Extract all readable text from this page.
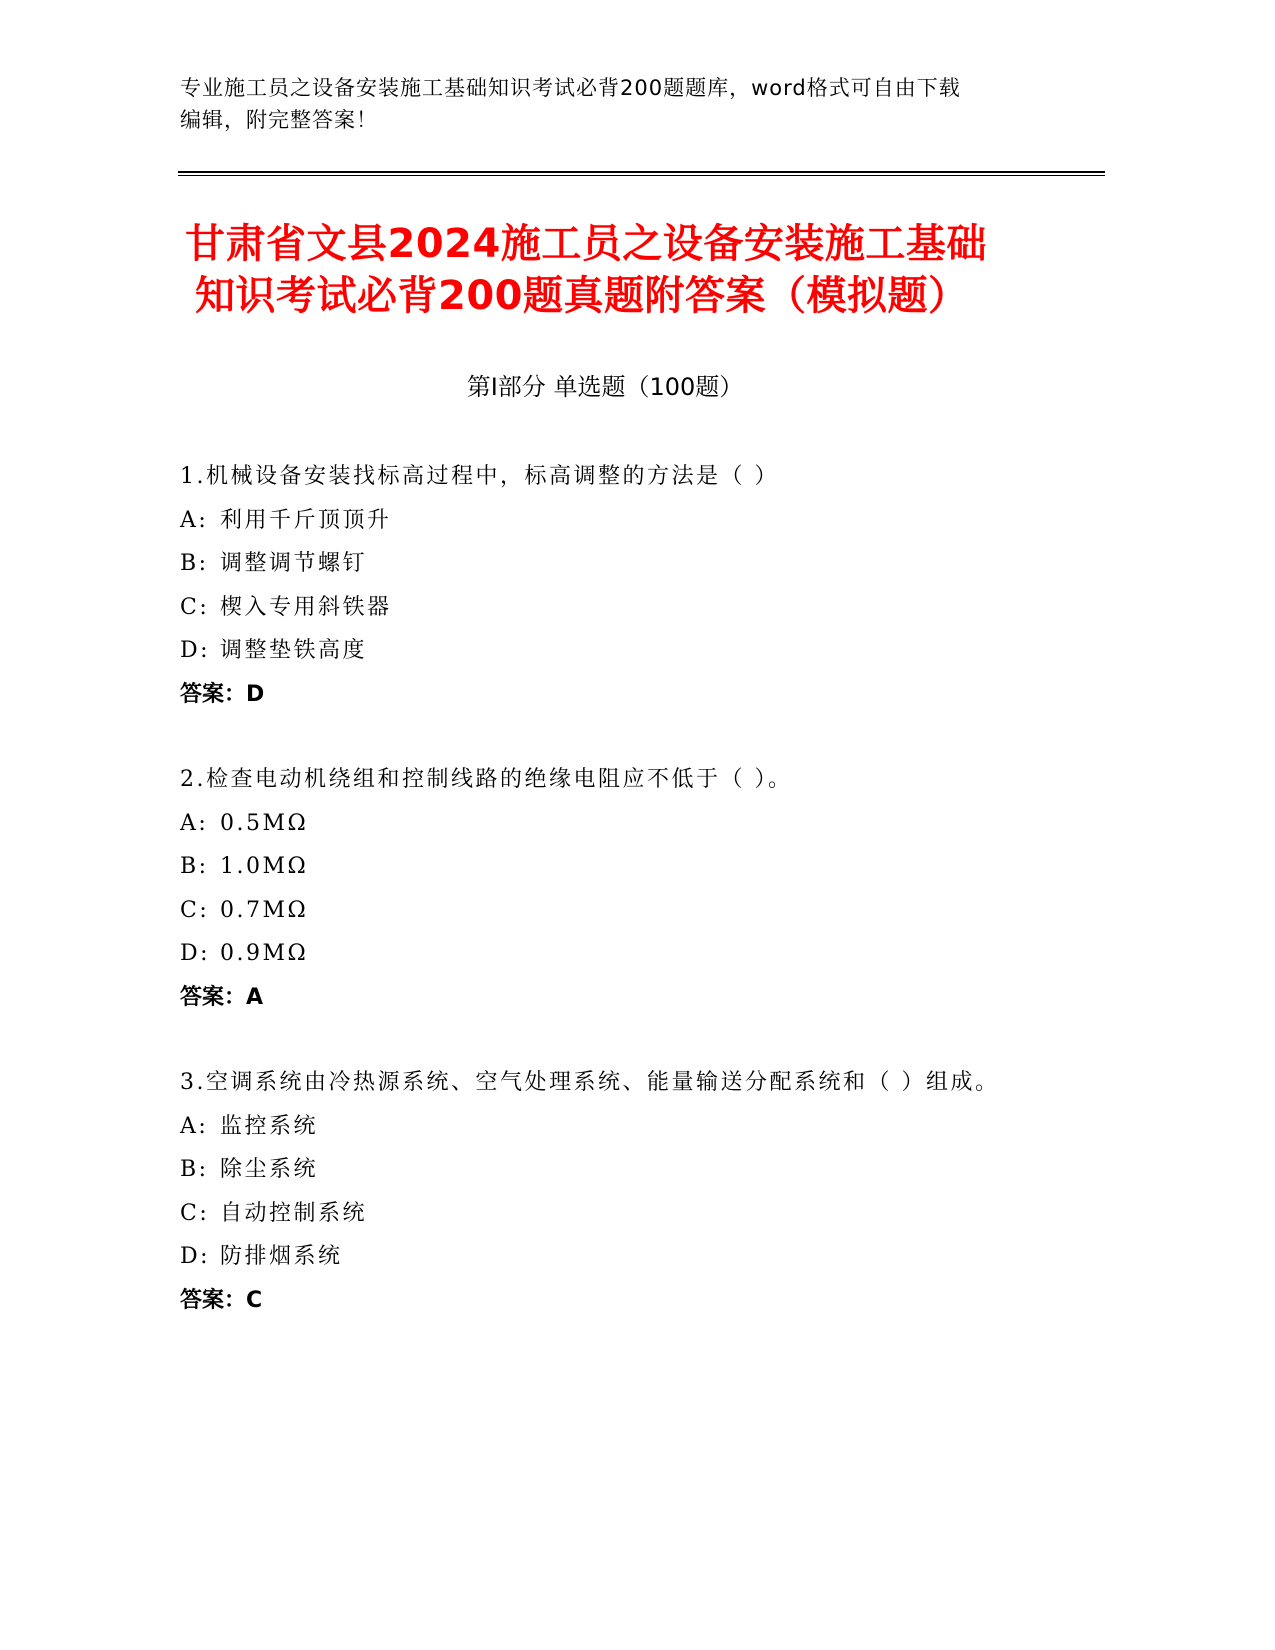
专业施工员之设备安装施工基础知识考试必背200题题库，word格式可自由下载
编辑，附完整答案！
甘肃省文县2024施工员之设备安装施工基础
知识考试必背200题真题附答案（模拟题）
第Ⅰ部分 单选题（100题）
1.机械设备安装找标高过程中，标高调整的方法是（ ）
A: 利用千斤顶顶升
B: 调整调节螺钉
C: 楔入专用斜铁器
D: 调整垫铁高度
答案：D
2.检查电动机绕组和控制线路的绝缘电阻应不低于（ ）。
A: 0.5MΩ
B: 1.0MΩ
C: 0.7MΩ
D: 0.9MΩ
答案：A
3.空调系统由冷热源系统、空气处理系统、能量输送分配系统和（ ）组成。
A: 监控系统
B: 除尘系统
C: 自动控制系统
D: 防排烟系统
答案：C
